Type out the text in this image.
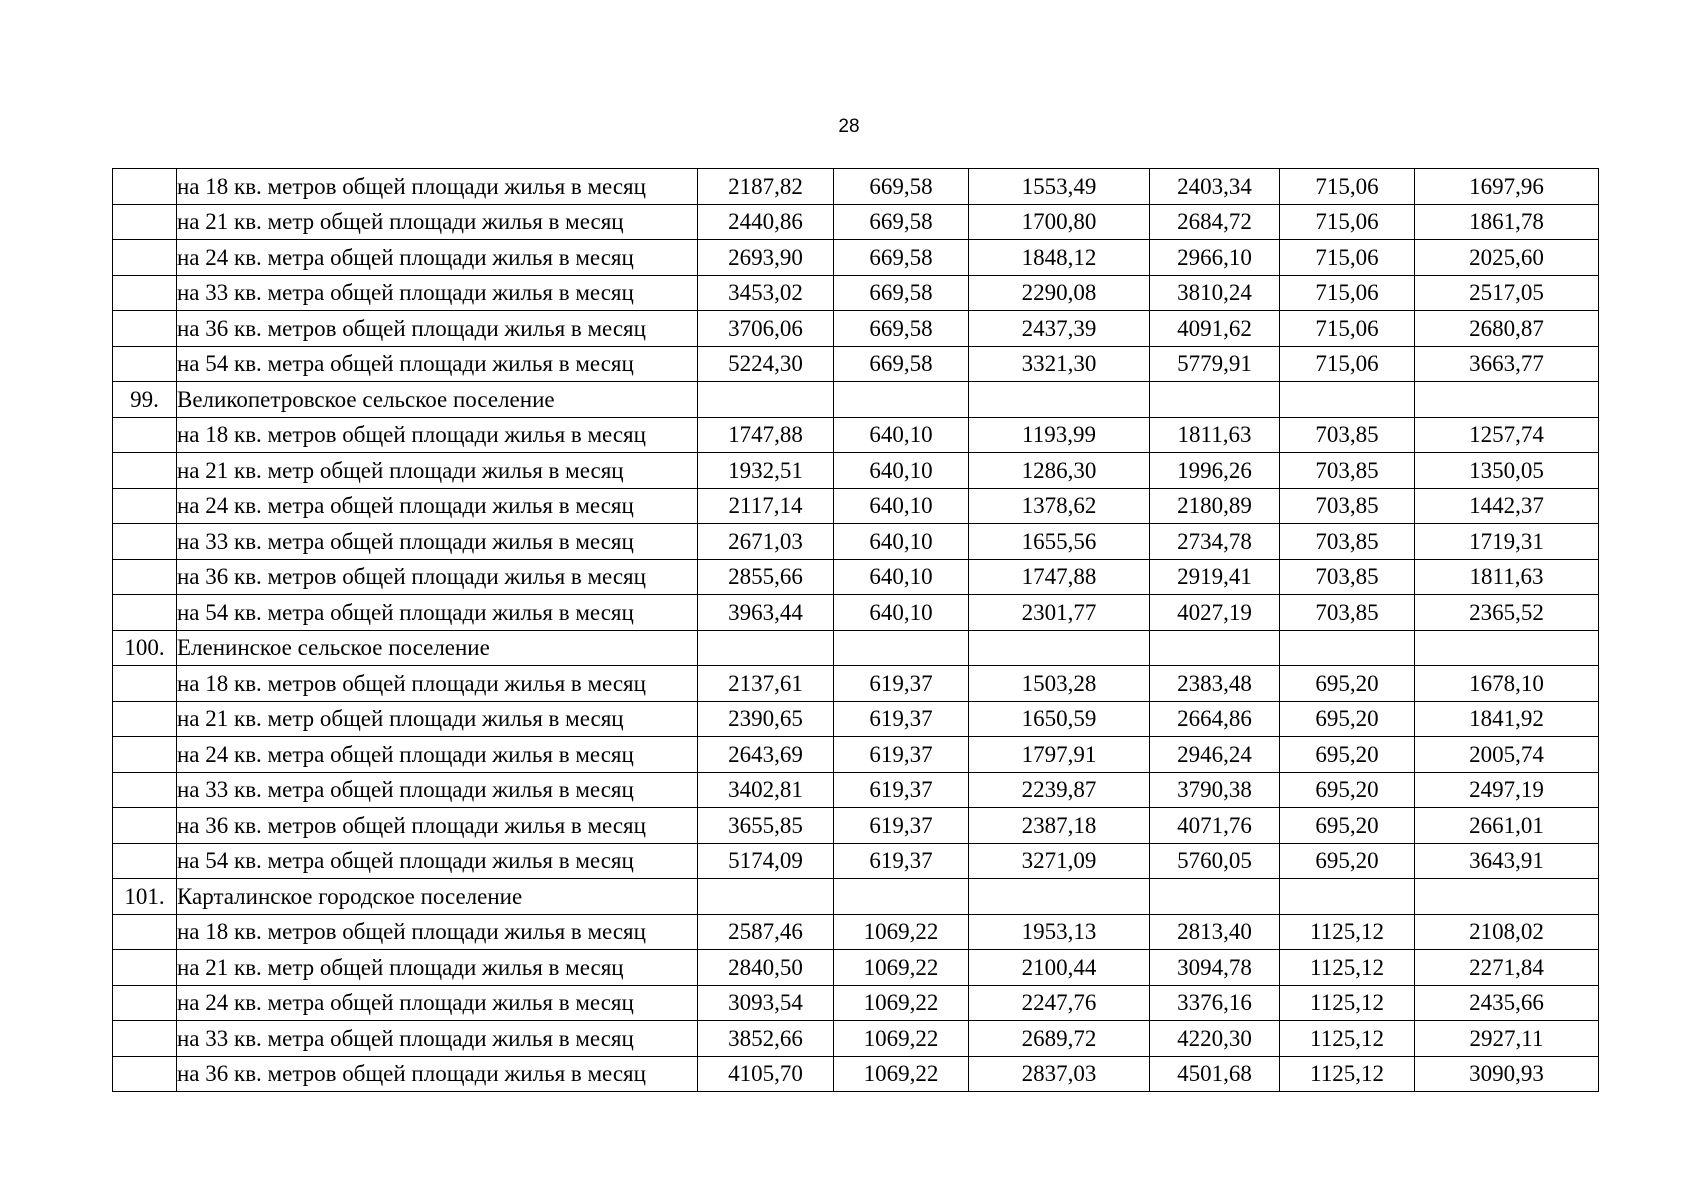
28
	на 18 кв. метров общей площади жилья в месяц	2187,82	669,58	1553,49	2403,34	715,06	1697,96
	на 21 кв. метр общей площади жилья в месяц	2440,86	669,58	1700,80	2684,72	715,06	1861,78
	на 24 кв. метра общей площади жилья в месяц	2693,90	669,58	1848,12	2966,10	715,06	2025,60
	на 33 кв. метра общей площади жилья в месяц	3453,02	669,58	2290,08	3810,24	715,06	2517,05
	на 36 кв. метров общей площади жилья в месяц	3706,06	669,58	2437,39	4091,62	715,06	2680,87
	на 54 кв. метра общей площади жилья в месяц	5224,30	669,58	3321,30	5779,91	715,06	3663,77
99.	Великопетровское сельское поселение						
	на 18 кв. метров общей площади жилья в месяц	1747,88	640,10	1193,99	1811,63	703,85	1257,74
	на 21 кв. метр общей площади жилья в месяц	1932,51	640,10	1286,30	1996,26	703,85	1350,05
	на 24 кв. метра общей площади жилья в месяц	2117,14	640,10	1378,62	2180,89	703,85	1442,37
	на 33 кв. метра общей площади жилья в месяц	2671,03	640,10	1655,56	2734,78	703,85	1719,31
	на 36 кв. метров общей площади жилья в месяц	2855,66	640,10	1747,88	2919,41	703,85	1811,63
	на 54 кв. метра общей площади жилья в месяц	3963,44	640,10	2301,77	4027,19	703,85	2365,52
100.	Еленинское сельское поселение						
	на 18 кв. метров общей площади жилья в месяц	2137,61	619,37	1503,28	2383,48	695,20	1678,10
	на 21 кв. метр общей площади жилья в месяц	2390,65	619,37	1650,59	2664,86	695,20	1841,92
	на 24 кв. метра общей площади жилья в месяц	2643,69	619,37	1797,91	2946,24	695,20	2005,74
	на 33 кв. метра общей площади жилья в месяц	3402,81	619,37	2239,87	3790,38	695,20	2497,19
	на 36 кв. метров общей площади жилья в месяц	3655,85	619,37	2387,18	4071,76	695,20	2661,01
	на 54 кв. метра общей площади жилья в месяц	5174,09	619,37	3271,09	5760,05	695,20	3643,91
101.	Карталинское городское поселение						
	на 18 кв. метров общей площади жилья в месяц	2587,46	1069,22	1953,13	2813,40	1125,12	2108,02
	на 21 кв. метр общей площади жилья в месяц	2840,50	1069,22	2100,44	3094,78	1125,12	2271,84
	на 24 кв. метра общей площади жилья в месяц	3093,54	1069,22	2247,76	3376,16	1125,12	2435,66
	на 33 кв. метра общей площади жилья в месяц	3852,66	1069,22	2689,72	4220,30	1125,12	2927,11
	на 36 кв. метров общей площади жилья в месяц	4105,70	1069,22	2837,03	4501,68	1125,12	3090,93
